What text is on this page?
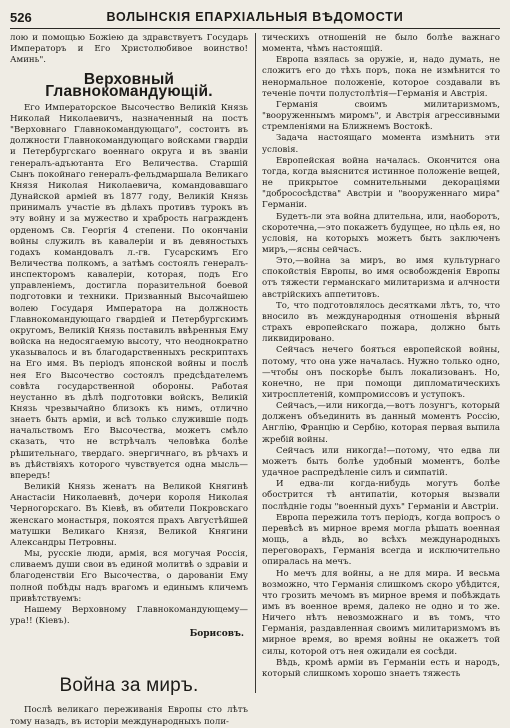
526	ВОЛЫНСКІЯ ЕПАРХІАЛЬНЫЯ ВѢДОМОСТИ

лою и помощью Божіею да здравствуетъ Государь Императоръ и Его Христолюбивое воинство! Аминь".

Верховный Главнокомандующій.

Его Императорское Высочество Великій Князь Николай Николаевичъ, назначенный на постъ "Верховнаго Главнокомандующаго", состоитъ въ должности Главнокомандующаго войсками гвардіи и Петербургскаго военнаго округа и въ званіи генералъ-адъютанта Его Величества. Старшій Сынъ покойнаго генералъ-фельдмаршала Великаго Князя Николая Николаевича, командовавшаго Дунайской арміей въ 1877 году, Великій Князь принималъ участіе въ дѣлахъ противъ турокъ въ эту войну и за мужество и храбрость награжденъ орденомъ Св. Георгія 4 степени. По окончаніи войны служилъ въ кавалеріи и въ девяностыхъ годахъ командовалъ л.-гв. Гусарскимъ Его Величества полкомъ, а затѣмъ состоялъ генералъ-инспекторомъ кавалеріи, которая, подъ Его управленіемъ, достигла поразительной боевой подготовки и техники. Призванный Высочайшею волею Государя Императора на должность Главнокомандующаго гвардіей и Петербургскимъ округомъ, Великій Князь поставилъ ввѣренныя Ему войска на недосягаемую высоту, что неоднократно указывалось и въ благодарственныхъ рескриптахъ на Его имя. Въ періодъ японской войны и послѣ нея Его Высочество состоялъ предсѣдателемъ совѣта государственной обороны. Работая неустанно въ дѣлѣ подготовки войскъ, Великій Князь чрезвычайно близокъ къ нимъ, отлично знаетъ быть арміи, и всѣ только служившіе подъ начальствомъ Его Высочества, можетъ смѣло сказать, что не встрѣчалъ человѣка болѣе рѣшительнаго, твердаго. энергичнаго, въ рѣчахъ и въ дѣйствіяхъ которого чувствуется одна мысль—впередъ!

Великій Князь женатъ на Великой Княгинѣ Анастасіи Николаевнѣ, дочери короля Николая Черногорскаго. Въ Кіевѣ, въ обители Покровскаго женскаго монастыря, покоятся прахъ Августѣйшей матушки Великаго Князя, Великой Княгини Александры Петровны.

Мы, русскіе люди, армія, вся могучая Россія, сливаемъ души свои въ единой молитвѣ о здравіи и благоденствіи Его Высочества, о дарованіи Ему полной побѣды надъ врагомъ и единымъ кличемъ привѣтствуемъ:

Нашему Верховному Главнокомандующему—ура!! (Кіевъ).

Борисовъ.
Война за миръ.

Послѣ великаго переживанія Европы сто лѣтъ тому назадъ, въ исторіи международныхъ поли-

тическихъ отношеній не было болѣе важнаго момента, чѣмъ настоящій.

Европа взялась за оружіе, и, надо думать, не сложитъ его до тѣхъ поръ, пока не измѣнится то ненормальное положеніе, которое создавали въ теченіе почти полустолѣтія—Германія и Австрія.

Германія своимъ милитаризмомъ, "вооруженнымъ миромъ", и Австрія агрессивными стремленіями на Ближнемъ Востокѣ.

Задача настоящаго момента измѣнить эти условія.

Европейская война началась. Окончится она тогда, когда выяснится истинное положеніе вещей, не прикрытое сомнительными декораціями "добрососѣдства" Австріи и "вооруженнаго мира" Германіи.

Будетъ-ли эта война длительна, или, наоборотъ, скоротечна,—это покажетъ будущее, но цѣль ея, но условія, на которыхъ можетъ быть заключенъ миръ,—ясны сейчасъ.

Это,—война за миръ, во имя культурнаго спокойствія Европы, во имя освобожденія Европы отъ тяжести германскаго милитаризма и алчности австрійскихъ аппетитовъ.

То, что подготовлялось десятками лѣтъ, то, что вносило въ международныя отношенія вѣрный страхъ европейскаго пожара, должно быть ликвидировано.

Сейчасъ нечего бояться европейской войны, потому, что она уже началась. Нужно только одно,—чтобы онъ поскорѣе былъ локализованъ. Но, конечно, не при помощи дипломатическихъ хитросплетеній, компромиссовъ и уступокъ.

Сейчасъ,—или никогда,—вотъ лозунгъ, который долженъ объединить въ данный моментъ Россію, Англію, Францію и Сербію, которая первая выпила жребій войны.

Сейчасъ или никогда!—потому, что едва ли можетъ быть болѣе удобный моментъ, болѣе удачное распредѣленіе силъ и симпатій.

И едва-ли когда-нибудь могутъ болѣе обострится тѣ антипатіи, которыя вызвали послѣдніе годы "военный духъ" Германіи и Австріи.

Европа пережила тотъ періодъ, когда вопросъ о перевѣсѣ въ мирное время могла рѣшать военная мощь, а вѣдь, во всѣхъ международныхъ переговорахъ, Германія всегда и исключительно опиралась на мечъ.

Но мечъ для войны, а не для мира. И весьма возможно, что Германія слишкомъ скоро убѣдится, что грозить мечомъ въ мирное время и побѣждать имъ въ военное время, далеко не одно и то же. Ничего нѣтъ невозможнаго и въ томъ, что Германія, раздавленная своимъ милитаризмомъ въ мирное время, во время войны не окажетъ той силы, которой отъ нея ожидали ея сосѣди.

Вѣдь, кромѣ арміи въ Германіи есть и народъ, который слишкомъ хорошо знаетъ тяжесть
